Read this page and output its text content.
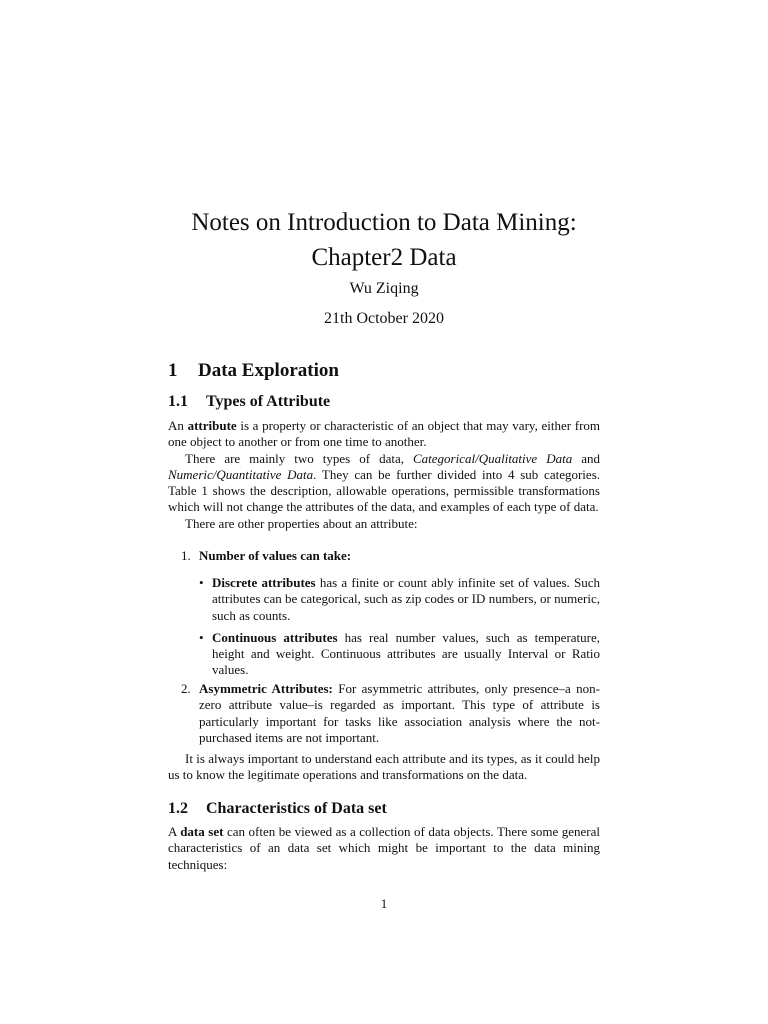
Notes on Introduction to Data Mining:
Chapter2 Data
Wu Ziqing
21th October 2020
1 Data Exploration
1.1 Types of Attribute

An attribute is a property or characteristic of an object that may vary, either from one object to another or from one time to another.

There are mainly two types of data, Categorical/Qualitative Data and Numeric/Quantitative Data. They can be further divided into 4 sub categories. Table 1 shows the description, allowable operations, permissible transformations which will not change the attributes of the data, and examples of each type of data.

There are other properties about an attribute:

1. Number of values can take:
• Discrete attributes has a finite or count ably infinite set of values. Such attributes can be categorical, such as zip codes or ID numbers, or numeric, such as counts.
• Continuous attributes has real number values, such as temperature, height and weight. Continuous attributes are usually Interval or Ratio values.
2. Asymmetric Attributes: For asymmetric attributes, only presence–a non-zero attribute value–is regarded as important. This type of attribute is particularly important for tasks like association analysis where the not-purchased items are not important.

It is always important to understand each attribute and its types, as it could help us to know the legitimate operations and transformations on the data.

1.2 Characteristics of Data set

A data set can often be viewed as a collection of data objects. There some general characteristics of an data set which might be important to the data mining techniques:

1
